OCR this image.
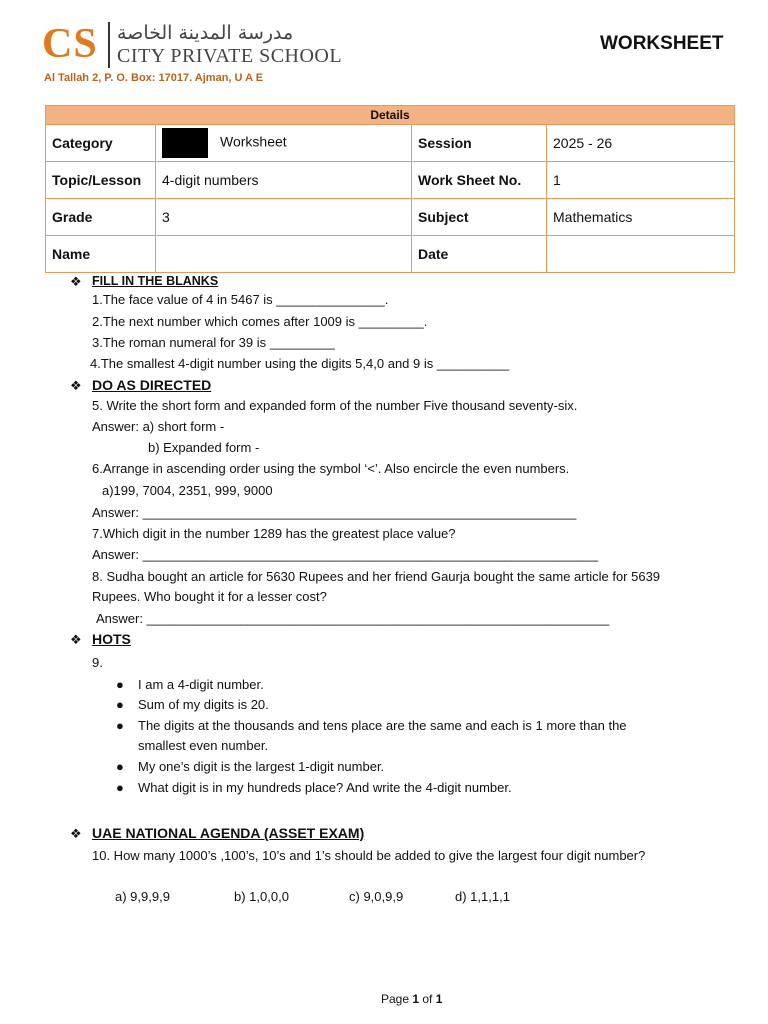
CS مدرسة المدينة الخاصة
CITY PRIVATE SCHOOL
Al Tallah 2, P. O. Box: 17017. Ajman, U A E
WORKSHEET
Details			
Category	Worksheet	Session	2025 - 26
Topic/Lesson	4-digit numbers	Work Sheet No.	1
Grade	3	Subject	Mathematics
Name		Date	
❖ FILL IN THE BLANKS
1.The face value of 4 in 5467 is _______________.
2.The next number which comes after 1009 is _________.
3.The roman numeral for 39 is _________
4.The smallest 4-digit number using the digits 5,4,0 and 9 is __________
❖ DO AS DIRECTED
5. Write the short form and expanded form of the number Five thousand seventy-six.
Answer: a) short form -
b) Expanded form -
6.Arrange in ascending order using the symbol ‘<’. Also encircle the even numbers.
a)199, 7004, 2351, 999, 9000
Answer: ____________________________________________________________
7.Which digit in the number 1289 has the greatest place value?
Answer: _______________________________________________________________
8. Sudha bought an article for 5630 Rupees and her friend Gaurja bought the same article for 5639
Rupees. Who bought it for a lesser cost?
Answer: ________________________________________________________________
❖ HOTS
9.
● I am a 4-digit number.
● Sum of my digits is 20.
● The digits at the thousands and tens place are the same and each is 1 more than the
smallest even number.
● My one’s digit is the largest 1-digit number.
● What digit is in my hundreds place? And write the 4-digit number.
❖ UAE NATIONAL AGENDA (ASSET EXAM)
10. How many 1000’s ,100’s, 10’s and 1’s should be added to give the largest four digit number?
a) 9,9,9,9	b) 1,0,0,0	c) 9,0,9,9	d) 1,1,1,1
Page 1 of 1
